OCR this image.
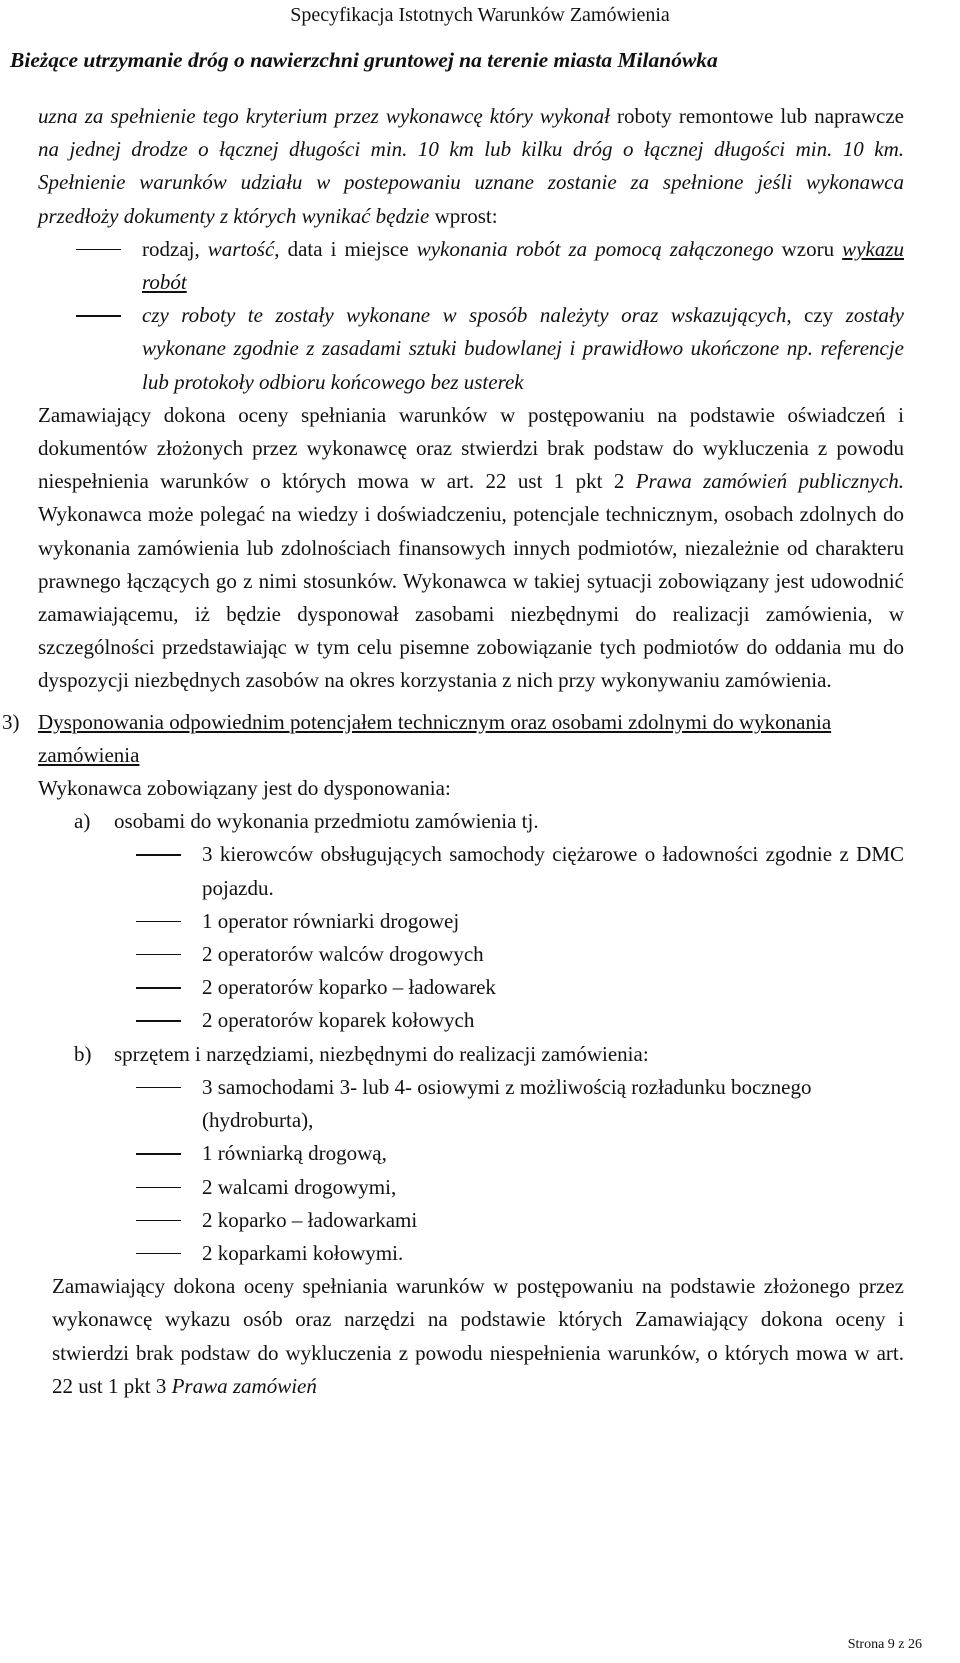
Specyfikacja Istotnych Warunków Zamówienia
Bieżące utrzymanie dróg o nawierzchni gruntowej na terenie miasta Milanówka

uzna za spełnienie tego kryterium przez wykonawcę który wykonał roboty remontowe lub naprawcze na jednej drodze o łącznej długości min. 10 km lub kilku dróg o łącznej długości min. 10 km. Spełnienie warunków udziału w postepowaniu uznane zostanie za spełnione jeśli wykonawca przedłoży dokumenty z których wynikać będzie wprost:

rodzaj, wartość, data i miejsce wykonania robót za pomocą załączonego wzoru wykazu robót
czy roboty te zostały wykonane w sposób należyty oraz wskazujących, czy zostały wykonane zgodnie z zasadami sztuki budowlanej i prawidłowo ukończone np. referencje lub protokoły odbioru końcowego bez usterek

Zamawiający dokona oceny spełniania warunków w postępowaniu na podstawie oświadczeń i dokumentów złożonych przez wykonawcę oraz stwierdzi brak podstaw do wykluczenia z powodu niespełnienia warunków o których mowa w art. 22 ust 1 pkt 2 Prawa zamówień publicznych. Wykonawca może polegać na wiedzy i doświadczeniu, potencjale technicznym, osobach zdolnych do wykonania zamówienia lub zdolnościach finansowych innych podmiotów, niezależnie od charakteru prawnego łączących go z nimi stosunków. Wykonawca w takiej sytuacji zobowiązany jest udowodnić zamawiającemu, iż będzie dysponował zasobami niezbędnymi do realizacji zamówienia, w szczególności przedstawiając w tym celu pisemne zobowiązanie tych podmiotów do oddania mu do dyspozycji niezbędnych zasobów na okres korzystania z nich przy wykonywaniu zamówienia.

3) Dysponowania odpowiednim potencjałem technicznym oraz osobami zdolnymi do wykonania zamówienia

Wykonawca zobowiązany jest do dysponowania:

a)	osobami do wykonania przedmiotu zamówienia tj.
3 kierowców obsługujących samochody ciężarowe o ładowności zgodnie z DMC pojazdu.
1 operator równiarki drogowej
2 operatorów walców drogowych
2 operatorów koparko – ładowarek
2 operatorów koparek kołowych
b)	sprzętem i narzędziami, niezbędnymi do realizacji zamówienia:
3 samochodami 3- lub 4- osiowymi z możliwością rozładunku bocznego (hydroburta),
1 równiarką drogową,
2 walcami drogowymi,
2 koparko – ładowarkami
2 koparkami kołowymi.

Zamawiający dokona oceny spełniania warunków w postępowaniu na podstawie złożonego przez wykonawcę wykazu osób oraz narzędzi na podstawie których Zamawiający dokona oceny i stwierdzi brak podstaw do wykluczenia z powodu niespełnienia warunków, o których mowa w art. 22 ust 1 pkt 3 Prawa zamówień

Strona 9 z 26
